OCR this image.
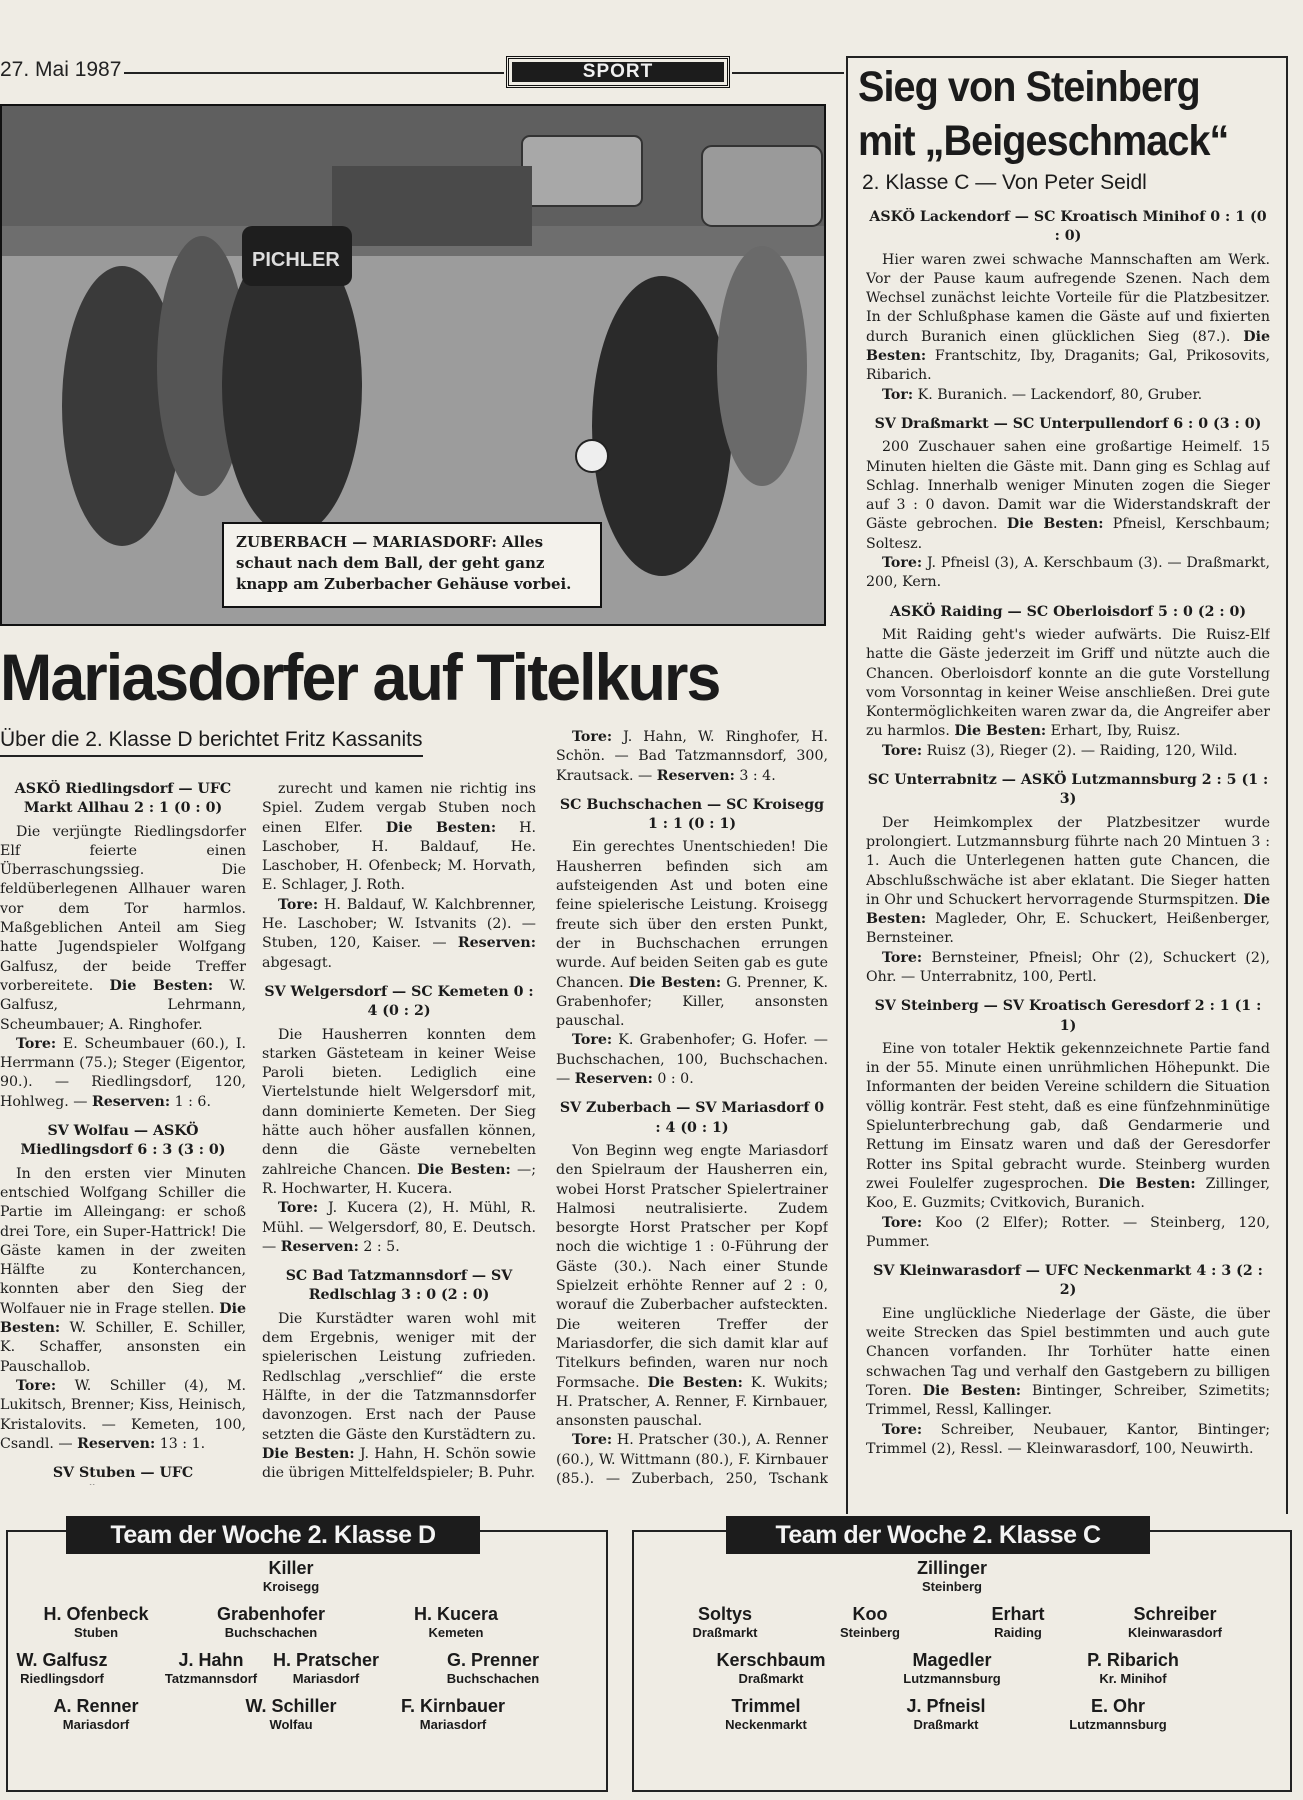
27. Mai 1987	SPORT
PICHLER
ZUBERBACH — MARIASDORF: Alles schaut nach dem Ball, der geht ganz knapp am Zuberbacher Gehäuse vorbei.
Mariasdorfer auf Titelkurs
Über die 2. Klasse D berichtet Fritz Kassanits
ASKÖ Riedlingsdorf — UFC Markt Allhau 2 : 1 (0 : 0)

Die verjüngte Riedlingsdorfer Elf feierte einen Überraschungssieg. Die feldüberlegenen Allhauer waren vor dem Tor harmlos. Maßgeblichen Anteil am Sieg hatte Jugendspieler Wolfgang Galfusz, der beide Treffer vorbereitete. Die Besten: W. Galfusz, Lehrmann, Scheumbauer; A. Ringhofer.

Tore: E. Scheumbauer (60.), I. Herrmann (75.); Steger (Eigentor, 90.). — Riedlingsdorf, 120, Hohlweg. — Reserven: 1 : 6.

SV Wolfau — ASKÖ Miedlingsdorf 6 : 3 (3 : 0)

In den ersten vier Minuten entschied Wolfgang Schiller die Partie im Alleingang: er schoß drei Tore, ein Super-Hattrick! Die Gäste kamen in der zweiten Hälfte zu Konterchancen, konnten aber den Sieg der Wolfauer nie in Frage stellen. Die Besten: W. Schiller, E. Schiller, K. Schaffer, ansonsten ein Pauschallob.

Tore: W. Schiller (4), M. Lukitsch, Brenner; Kiss, Heinisch, Kristalovits. — Kemeten, 100, Csandl. — Reserven: 13 : 1.

SV Stuben — UFC

zurecht und kamen nie richtig ins Spiel. Zudem vergab Stuben noch einen Elfer. Die Besten: H. Laschober, H. Baldauf, He. Laschober, H. Ofenbeck; M. Horvath, E. Schlager, J. Roth.

Tore: H. Baldauf, W. Kalchbrenner, He. Laschober; W. Istvanits (2). — Stuben, 120, Kaiser. — Reserven: abgesagt.

SV Welgersdorf — SC Kemeten 0 : 4 (0 : 2)

Die Hausherren konnten dem starken Gästeteam in keiner Weise Paroli bieten. Lediglich eine Viertelstunde hielt Welgersdorf mit, dann dominierte Kemeten. Der Sieg hätte auch höher ausfallen können, denn die Gäste vernebelten zahlreiche Chancen. Die Besten: —; R. Hochwarter, H. Kucera.

Tore: J. Kucera (2), H. Mühl, R. Mühl. — Welgersdorf, 80, E. Deutsch. — Reserven: 2 : 5.

SC Bad Tatzmannsdorf — SV Redlschlag 3 : 0 (2 : 0)

Die Kurstädter waren wohl mit dem Ergebnis, weniger mit der spielerischen Leistung zufrieden. Redlschlag „verschlief“ die erste Hälfte, in der die Tatzmannsdorfer davonzogen. Erst nach der Pause setzten die Gäste den Kurstädtern zu. Die Besten: J. Hahn, H. Schön sowie die übrigen Mittelfeldspieler; B. Puhr.

Tore: J. Hahn, W. Ringhofer, H. Schön. — Bad Tatzmannsdorf, 300, Krautsack. — Reserven: 3 : 4.

SC Buchschachen — SC Kroisegg 1 : 1 (0 : 1)

Ein gerechtes Unentschieden! Die Hausherren befinden sich am aufsteigenden Ast und boten eine feine spielerische Leistung. Kroisegg freute sich über den ersten Punkt, der in Buchschachen errungen wurde. Auf beiden Seiten gab es gute Chancen. Die Besten: G. Prenner, K. Grabenhofer; Killer, ansonsten pauschal.

Tore: K. Grabenhofer; G. Hofer. — Buchschachen, 100, Buchschachen. — Reserven: 0 : 0.

SV Zuberbach — SV Mariasdorf 0 : 4 (0 : 1)

Von Beginn weg engte Mariasdorf den Spielraum der Hausherren ein, wobei Horst Pratscher Spielertrainer Halmosi neutralisierte. Zudem besorgte Horst Pratscher per Kopf noch die wichtige 1 : 0-Führung der Gäste (30.). Nach einer Stunde Spielzeit erhöhte Renner auf 2 : 0, worauf die Zuberbacher aufsteckten. Die weiteren Treffer der Mariasdorfer, die sich damit klar auf Titelkurs befinden, waren nur noch Formsache. Die Besten: K. Wukits; H. Pratscher, A. Renner, F. Kirnbauer, ansonsten pauschal.

Tore: H. Pratscher (30.), A. Renner (60.), W. Wittmann (80.), F. Kirnbauer (85.). — Zuberbach, 250, Tschank

Sieg von Steinberg
mit „Beigeschmack“
2. Klasse C — Von Peter Seidl
ASKÖ Lackendorf — SC Kroatisch Minihof 0 : 1 (0 : 0)

Hier waren zwei schwache Mannschaften am Werk. Vor der Pause kaum aufregende Szenen. Nach dem Wechsel zunächst leichte Vorteile für die Platzbesitzer. In der Schlußphase kamen die Gäste auf und fixierten durch Buranich einen glücklichen Sieg (87.). Die Besten: Frantschitz, Iby, Draganits; Gal, Prikosovits, Ribarich.

Tor: K. Buranich. — Lackendorf, 80, Gruber.

SV Draßmarkt — SC Unterpullendorf 6 : 0 (3 : 0)

200 Zuschauer sahen eine großartige Heimelf. 15 Minuten hielten die Gäste mit. Dann ging es Schlag auf Schlag. Innerhalb weniger Minuten zogen die Sieger auf 3 : 0 davon. Damit war die Widerstandskraft der Gäste gebrochen. Die Besten: Pfneisl, Kerschbaum; Soltesz.

Tore: J. Pfneisl (3), A. Kerschbaum (3). — Draßmarkt, 200, Kern.

ASKÖ Raiding — SC Oberloisdorf 5 : 0 (2 : 0)

Mit Raiding geht's wieder aufwärts. Die Ruisz-Elf hatte die Gäste jederzeit im Griff und nützte auch die Chancen. Oberloisdorf konnte an die gute Vorstellung vom Vorsonntag in keiner Weise anschließen. Drei gute Kontermöglichkeiten waren zwar da, die Angreifer aber zu harmlos. Die Besten: Erhart, Iby, Ruisz.

Tore: Ruisz (3), Rieger (2). — Raiding, 120, Wild.

SC Unterrabnitz — ASKÖ Lutzmannsburg 2 : 5 (1 : 3)

Der Heimkomplex der Platzbesitzer wurde prolongiert. Lutzmannsburg führte nach 20 Mintuen 3 : 1. Auch die Unterlegenen hatten gute Chancen, die Abschlußschwäche ist aber eklatant. Die Sieger hatten in Ohr und Schuckert hervorragende Sturmspitzen. Die Besten: Magleder, Ohr, E. Schuckert, Heißenberger, Bernsteiner.

Tore: Bernsteiner, Pfneisl; Ohr (2), Schuckert (2), Ohr. — Unterrabnitz, 100, Pertl.

SV Steinberg — SV Kroatisch Geresdorf 2 : 1 (1 : 1)

Eine von totaler Hektik gekennzeichnete Partie fand in der 55. Minute einen unrühmlichen Höhepunkt. Die Informanten der beiden Vereine schildern die Situation völlig konträr. Fest steht, daß es eine fünfzehnminütige Spielunterbrechung gab, daß Gendarmerie und Rettung im Einsatz waren und daß der Geresdorfer Rotter ins Spital gebracht wurde. Steinberg wurden zwei Foulelfer zugesprochen. Die Besten: Zillinger, Koo, E. Guzmits; Cvitkovich, Buranich.

Tore: Koo (2 Elfer); Rotter. — Steinberg, 120, Pummer.

SV Kleinwarasdorf — UFC Neckenmarkt 4 : 3 (2 : 2)

Eine unglückliche Niederlage der Gäste, die über weite Strecken das Spiel bestimmten und auch gute Chancen vorfanden. Ihr Torhüter hatte einen schwachen Tag und verhalf den Gastgebern zu billigen Toren. Die Besten: Bintinger, Schreiber, Szimetits; Trimmel, Ressl, Kallinger.

Tore: Schreiber, Neubauer, Kantor, Bintinger; Trimmel (2), Ressl. — Kleinwarasdorf, 100, Neuwirth.

Team der Woche 2. Klasse D
Killer
Kroisegg
H. Ofenbeck
Stuben
Grabenhofer
Buchschachen
H. Kucera
Kemeten
W. Galfusz
Riedlingsdorf
J. Hahn
Tatzmannsdorf
H. Pratscher
Mariasdorf
G. Prenner
Buchschachen
A. Renner
Mariasdorf
W. Schiller
Wolfau
F. Kirnbauer
Mariasdorf
Team der Woche 2. Klasse C
Zillinger
Steinberg
Soltys
Draßmarkt
Koo
Steinberg
Erhart
Raiding
Schreiber
Kleinwarasdorf
Kerschbaum
Draßmarkt
Magedler
Lutzmannsburg
P. Ribarich
Kr. Minihof
Trimmel
Neckenmarkt
J. Pfneisl
Draßmarkt
E. Ohr
Lutzmannsburg
